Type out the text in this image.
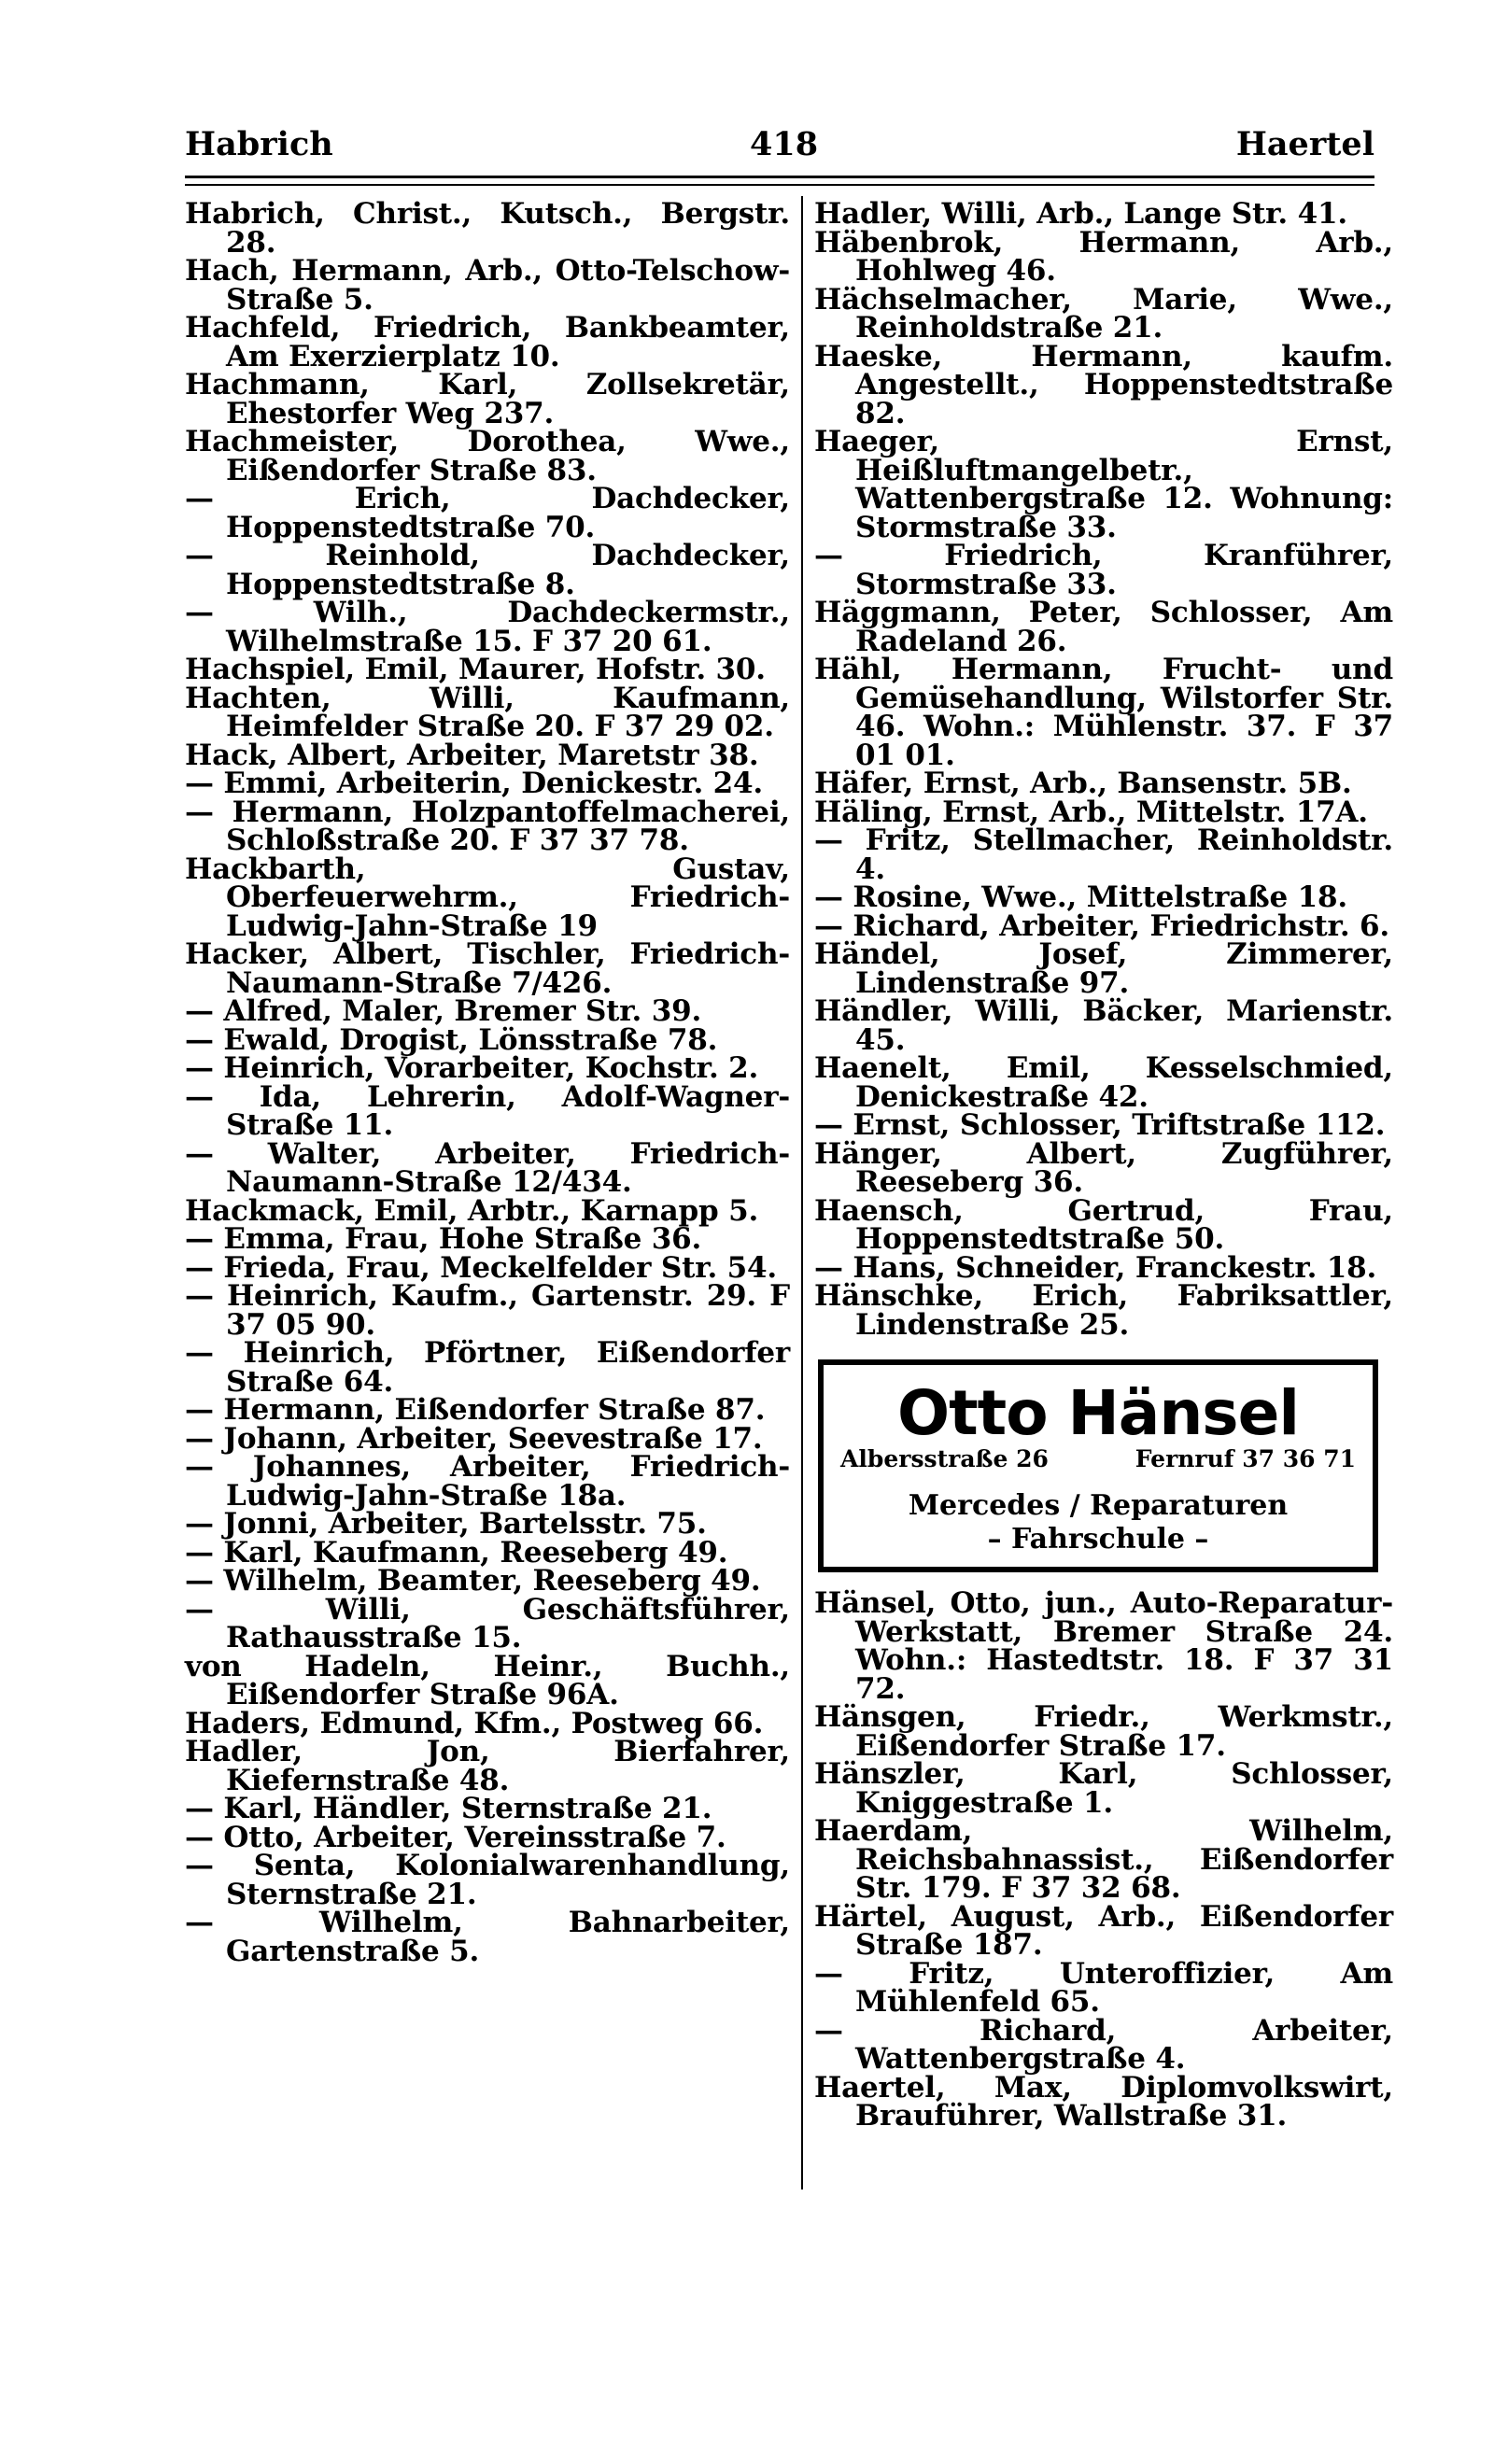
Habrich	418	Haertel
Habrich, Christ., Kutsch., Bergstr. 28.
Hach, Hermann, Arb., Otto-Telschow-Straße 5.
Hachfeld, Friedrich, Bankbeamter, Am Exerzierplatz 10.
Hachmann, Karl, Zollsekretär, Ehestorfer Weg 237.
Hachmeister, Dorothea, Wwe., Eißendorfer Straße 83.
— Erich, Dachdecker, Hoppenstedtstraße 70.
— Reinhold, Dachdecker, Hoppenstedtstraße 8.
— Wilh., Dachdeckermstr., Wilhelmstraße 15. F 37 20 61.
Hachspiel, Emil, Maurer, Hofstr. 30.
Hachten, Willi, Kaufmann, Heimfelder Straße 20. F 37 29 02.
Hack, Albert, Arbeiter, Maretstr 38.
— Emmi, Arbeiterin, Denickestr. 24.
— Hermann, Holzpantoffelmacherei, Schloßstraße 20. F 37 37 78.
Hackbarth, Gustav, Oberfeuerwehrm., Friedrich-Ludwig-Jahn-Straße 19
Hacker, Albert, Tischler, Friedrich-Naumann-Straße 7/426.
— Alfred, Maler, Bremer Str. 39.
— Ewald, Drogist, Lönsstraße 78.
— Heinrich, Vorarbeiter, Kochstr. 2.
— Ida, Lehrerin, Adolf-Wagner-Straße 11.
— Walter, Arbeiter, Friedrich-Naumann-Straße 12/434.
Hackmack, Emil, Arbtr., Karnapp 5.
— Emma, Frau, Hohe Straße 36.
— Frieda, Frau, Meckelfelder Str. 54.
— Heinrich, Kaufm., Gartenstr. 29. F 37 05 90.
— Heinrich, Pförtner, Eißendorfer Straße 64.
— Hermann, Eißendorfer Straße 87.
— Johann, Arbeiter, Seevestraße 17.
— Johannes, Arbeiter, Friedrich-Ludwig-Jahn-Straße 18a.
— Jonni, Arbeiter, Bartelsstr. 75.
— Karl, Kaufmann, Reeseberg 49.
— Wilhelm, Beamter, Reeseberg 49.
— Willi, Geschäftsführer, Rathausstraße 15.
von Hadeln, Heinr., Buchh., Eißendorfer Straße 96A.
Haders, Edmund, Kfm., Postweg 66.
Hadler, Jon, Bierfahrer, Kiefernstraße 48.
— Karl, Händler, Sternstraße 21.
— Otto, Arbeiter, Vereinsstraße 7.
— Senta, Kolonialwarenhandlung, Sternstraße 21.
— Wilhelm, Bahnarbeiter, Gartenstraße 5.
Hadler, Willi, Arb., Lange Str. 41.
Häbenbrok, Hermann, Arb., Hohlweg 46.
Hächselmacher, Marie, Wwe., Reinholdstraße 21.
Haeske, Hermann, kaufm. Angestellt., Hoppenstedtstraße 82.
Haeger, Ernst, Heißluftmangelbetr., Wattenbergstraße 12. Wohnung: Stormstraße 33.
— Friedrich, Kranführer, Stormstraße 33.
Häggmann, Peter, Schlosser, Am Radeland 26.
Hähl, Hermann, Frucht- und Gemüsehandlung, Wilstorfer Str. 46. Wohn.: Mühlenstr. 37. F 37 01 01.
Häfer, Ernst, Arb., Bansenstr. 5B.
Häling, Ernst, Arb., Mittelstr. 17A.
— Fritz, Stellmacher, Reinholdstr. 4.
— Rosine, Wwe., Mittelstraße 18.
— Richard, Arbeiter, Friedrichstr. 6.
Händel, Josef, Zimmerer, Lindenstraße 97.
Händler, Willi, Bäcker, Marienstr. 45.
Haenelt, Emil, Kesselschmied, Denickestraße 42.
— Ernst, Schlosser, Triftstraße 112.
Hänger, Albert, Zugführer, Reeseberg 36.
Haensch, Gertrud, Frau, Hoppenstedtstraße 50.
— Hans, Schneider, Franckestr. 18.
Hänschke, Erich, Fabriksattler, Lindenstraße 25.
Otto Hänsel
Albersstraße 26	Fernruf 37 36 71
Mercedes / Reparaturen
– Fahrschule –
Hänsel, Otto, jun., Auto-Reparatur-Werkstatt, Bremer Straße 24. Wohn.: Hastedtstr. 18. F 37 31 72.
Hänsgen, Friedr., Werkmstr., Eißendorfer Straße 17.
Hänszler, Karl, Schlosser, Kniggestraße 1.
Haerdam, Wilhelm, Reichsbahnassist., Eißendorfer Str. 179. F 37 32 68.
Härtel, August, Arb., Eißendorfer Straße 187.
— Fritz, Unteroffizier, Am Mühlenfeld 65.
— Richard, Arbeiter, Wattenbergstraße 4.
Haertel, Max, Diplomvolkswirt, Brauführer, Wallstraße 31.
